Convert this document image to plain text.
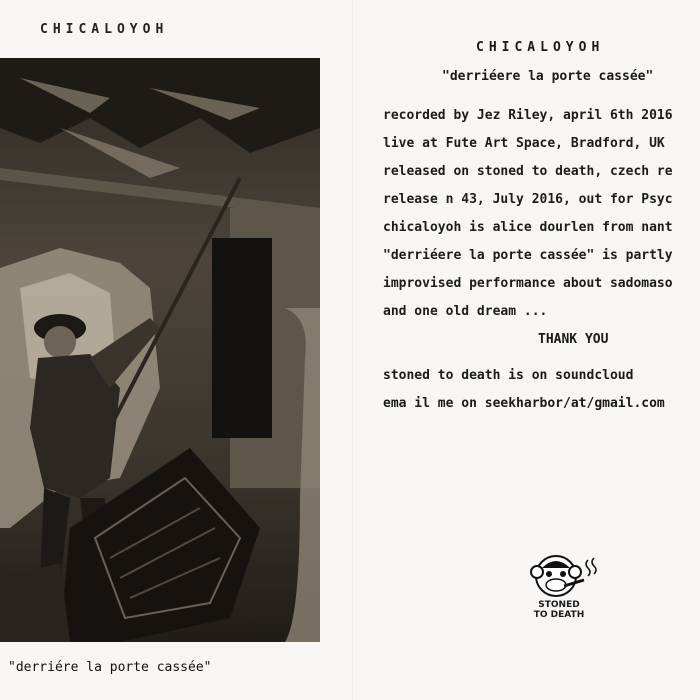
CHICALOYOH
"derriére la porte cassée"
CHICALOYOH
"derriéere la porte cassée"
recorded by Jez Riley, april 6th 2016
live at Fute Art Space, Bradford, UK
released on stoned to death, czech re
release n 43, July 2016, out for Psyc
chicaloyoh is alice dourlen from nant
"derriéere la porte cassée" is partly
improvised performance about sadomaso
and one old dream ...
THANK YOU
stoned to death is on soundcloud
ema il me on seekharbor/at/gmail.com
STONED TO DEATH
